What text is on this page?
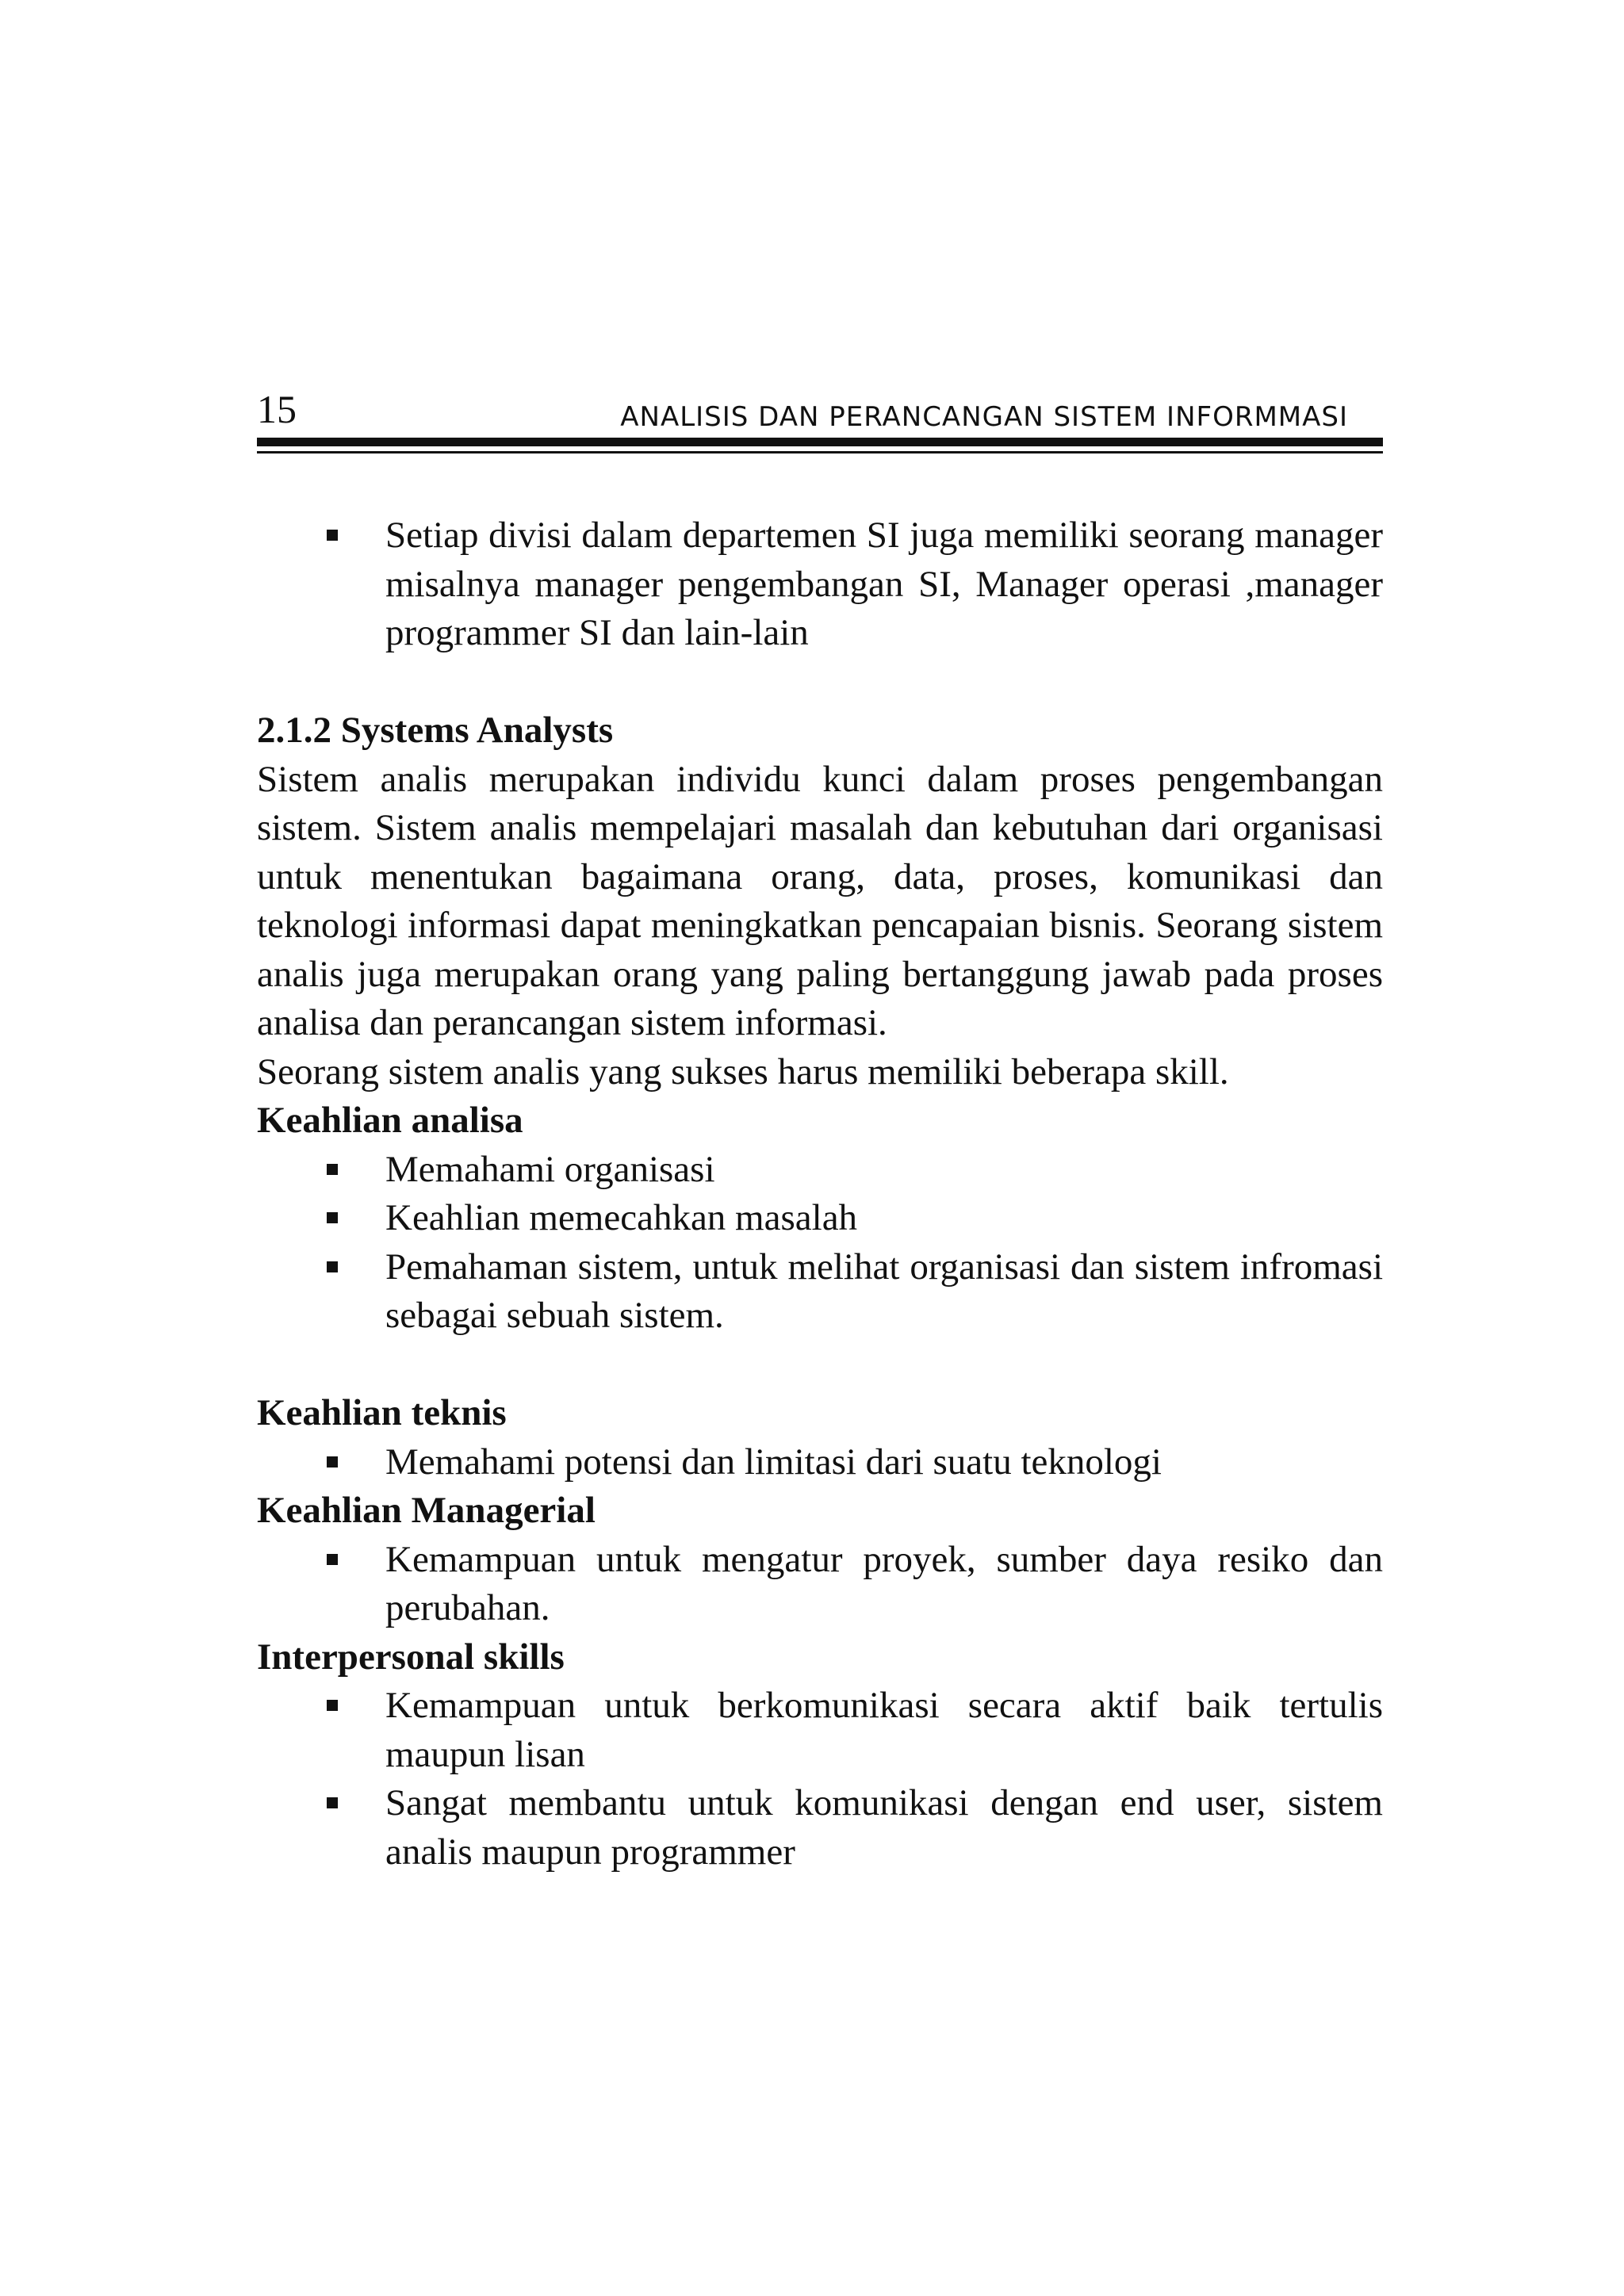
15	ANALISIS DAN PERANCANGAN SISTEM INFORMMASI
Setiap divisi dalam departemen SI juga memiliki seorang manager misalnya manager pengembangan SI, Manager operasi ,manager programmer SI dan lain-lain

2.1.2 Systems Analysts

Sistem analis merupakan individu kunci dalam proses pengembangan sistem. Sistem analis mempelajari masalah dan kebutuhan dari organisasi untuk menentukan bagaimana orang, data, proses, komunikasi dan teknologi informasi dapat meningkatkan pencapaian bisnis. Seorang sistem analis juga merupakan orang yang paling bertanggung jawab pada proses analisa dan perancangan sistem informasi.

Seorang sistem analis yang sukses harus memiliki beberapa skill.

Keahlian analisa

Memahami organisasi
Keahlian memecahkan masalah
Pemahaman sistem, untuk melihat organisasi dan sistem infromasi sebagai sebuah sistem.

Keahlian teknis

Memahami potensi dan limitasi dari suatu teknologi

Keahlian Managerial

Kemampuan untuk mengatur proyek, sumber daya resiko dan perubahan.

Interpersonal skills

Kemampuan untuk berkomunikasi secara aktif baik tertulis maupun lisan
Sangat membantu untuk komunikasi dengan end user, sistem analis maupun programmer
